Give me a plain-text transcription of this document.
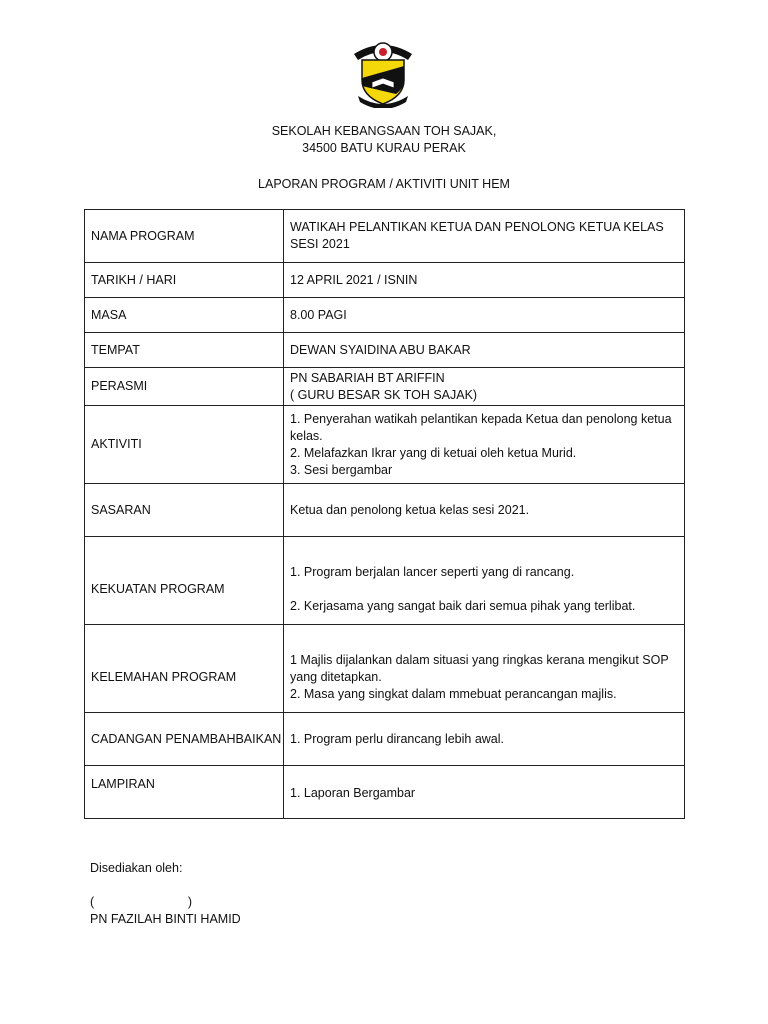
SEKOLAH KEBANGSAAN TOH SAJAK,
34500 BATU KURAU PERAK
LAPORAN PROGRAM / AKTIVITI UNIT HEM
NAMA PROGRAM	WATIKAH PELANTIKAN KETUA DAN PENOLONG KETUA KELAS
SESI 2021

TARIKH / HARI	12 APRIL 2021 / ISNIN
MASA	8.00 PAGI
TEMPAT	DEWAN SYAIDINA ABU BAKAR
PERASMI	PN SABARIAH BT ARIFFIN
( GURU BESAR SK TOH SAJAK)

AKTIVITI	1. Penyerahan watikah pelantikan kepada Ketua dan penolong ketua
kelas.
2. Melafazkan Ikrar yang di ketuai oleh ketua Murid.
3. Sesi bergambar

SASARAN	Ketua dan penolong ketua kelas sesi 2021.
KEKUATAN PROGRAM	1. Program berjalan lancer seperti yang di rancang.
2. Kerjasama yang sangat baik dari semua pihak yang terlibat.

KELEMAHAN PROGRAM	1 Majlis dijalankan dalam situasi yang ringkas kerana mengikut SOP
yang ditetapkan.
2. Masa yang singkat dalam mmebuat perancangan majlis.

CADANGAN PENAMBAHBAIKAN	1. Program perlu dirancang lebih awal.
LAMPIRAN	1. Laporan Bergambar
Disediakan oleh:
(                           )
PN FAZILAH BINTI HAMID
